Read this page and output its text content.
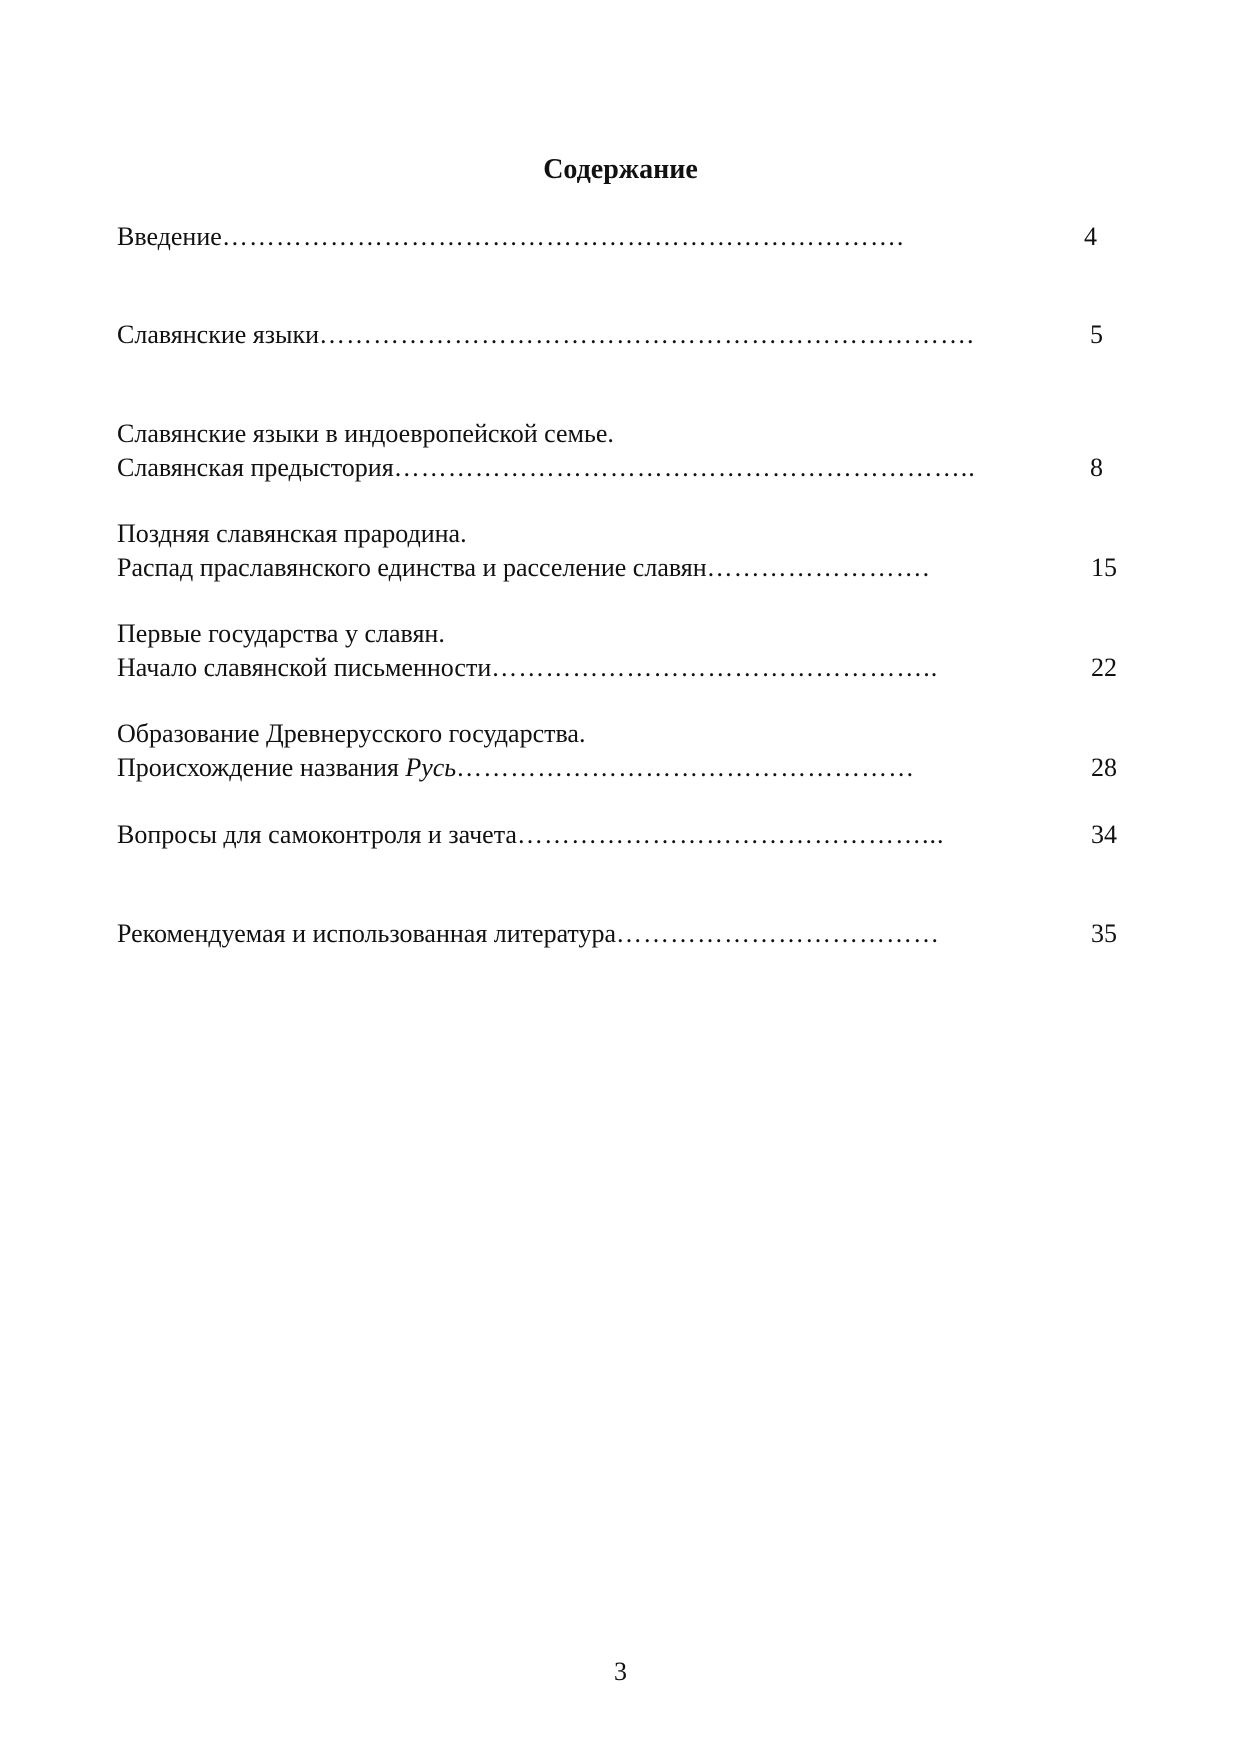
Содержание
Введение………………………………………………………………….	4
Славянские языки……………………………………………………………….	5
Славянские языки в индоевропейской семье.
Славянская предыстория………………………………………………………..	8
Поздняя славянская прародина.
Распад праславянского единства и расселение славян…………………….	15
Первые государства у славян.
Начало славянской письменности…………………………………………..	22
Образование Древнерусского государства.
Происхождение названия Русь……………………………………………	28
Вопросы для самоконтроля и зачета………………………………………...	34
Рекомендуемая и использованная литература………………………………	35
3
